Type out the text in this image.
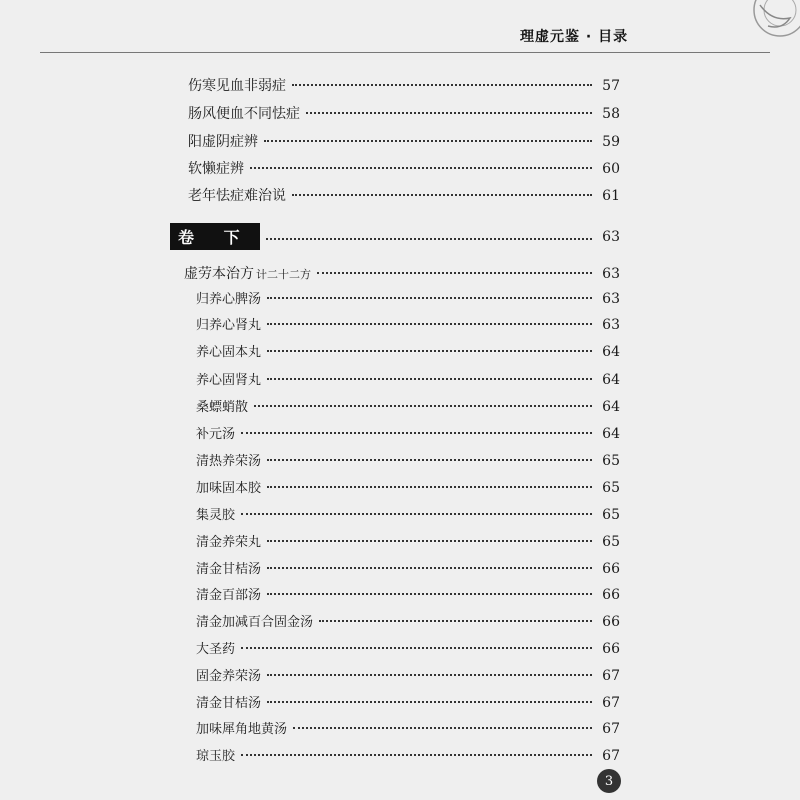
理虚元鉴 · 目录
伤寒见血非弱症	57
肠风便血不同怯症	58
阳虚阴症辨	59
软懒症辨	60
老年怯症难治说	61
卷 下	63
虚劳本治方 计二十二方	63
归养心脾汤	63
归养心肾丸	63
养心固本丸	64
养心固肾丸	64
桑螵蛸散	64
补元汤	64
清热养荣汤	65
加味固本胶	65
集灵胶	65
清金养荣丸	65
清金甘桔汤	66
清金百部汤	66
清金加减百合固金汤	66
大圣药	66
固金养荣汤	67
清金甘桔汤	67
加味犀角地黄汤	67
琼玉胶	67
3
